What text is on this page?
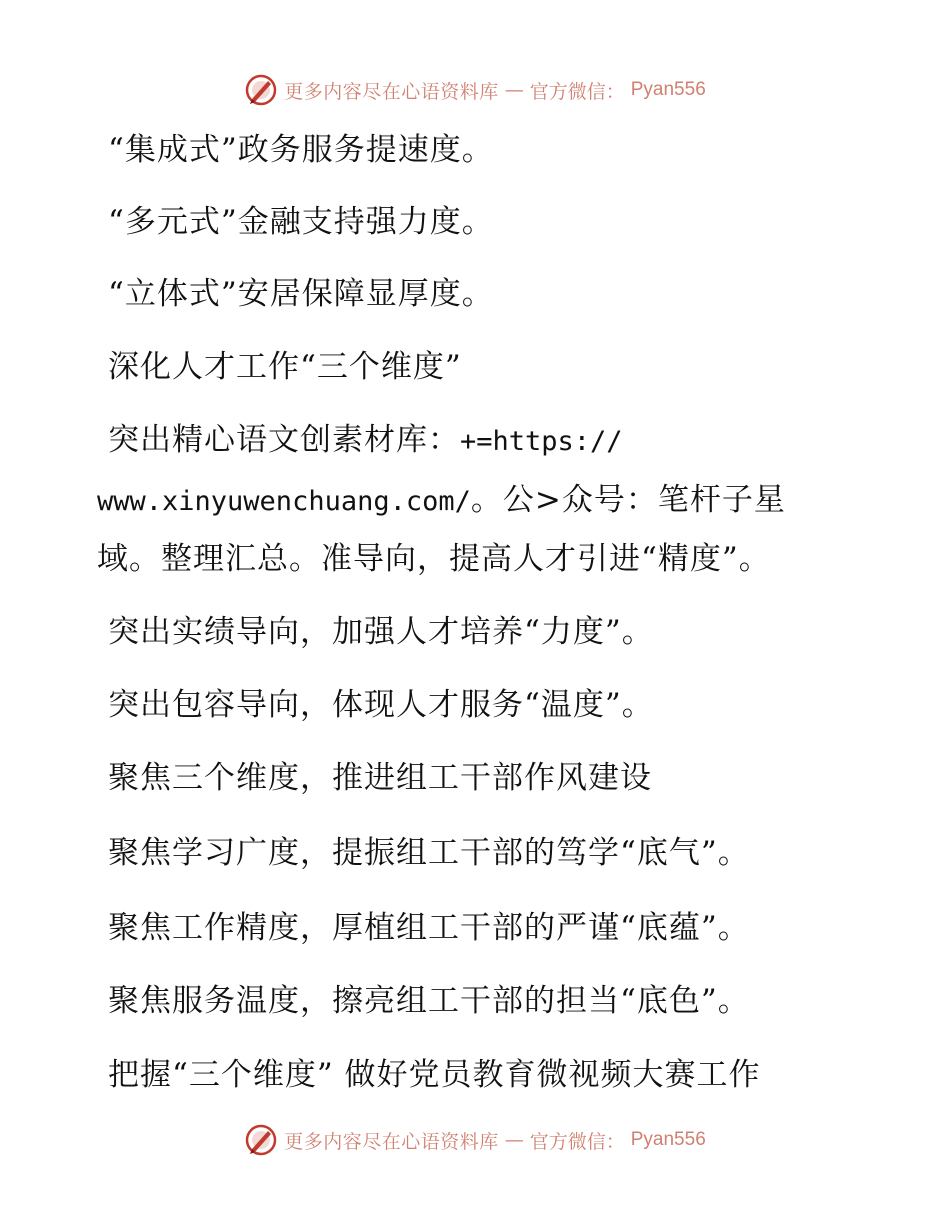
更多内容尽在心语资料库 — 官方微信： Pyan556
“集成式”政务服务提速度。
“多元式”金融支持强力度。
“立体式”安居保障显厚度。
深化人才工作“三个维度”
突出精心语文创素材库：+=https://
www.xinyuwenchuang.com/。公>众号：笔杆子星
域。整理汇总。准导向，提高人才引进“精度”。
突出实绩导向，加强人才培养“力度”。
突出包容导向，体现人才服务“温度”。
聚焦三个维度，推进组工干部作风建设
聚焦学习广度，提振组工干部的笃学“底气”。
聚焦工作精度，厚植组工干部的严谨“底蕴”。
聚焦服务温度，擦亮组工干部的担当“底色”。
把握“三个维度” 做好党员教育微视频大赛工作
更多内容尽在心语资料库 — 官方微信： Pyan556
